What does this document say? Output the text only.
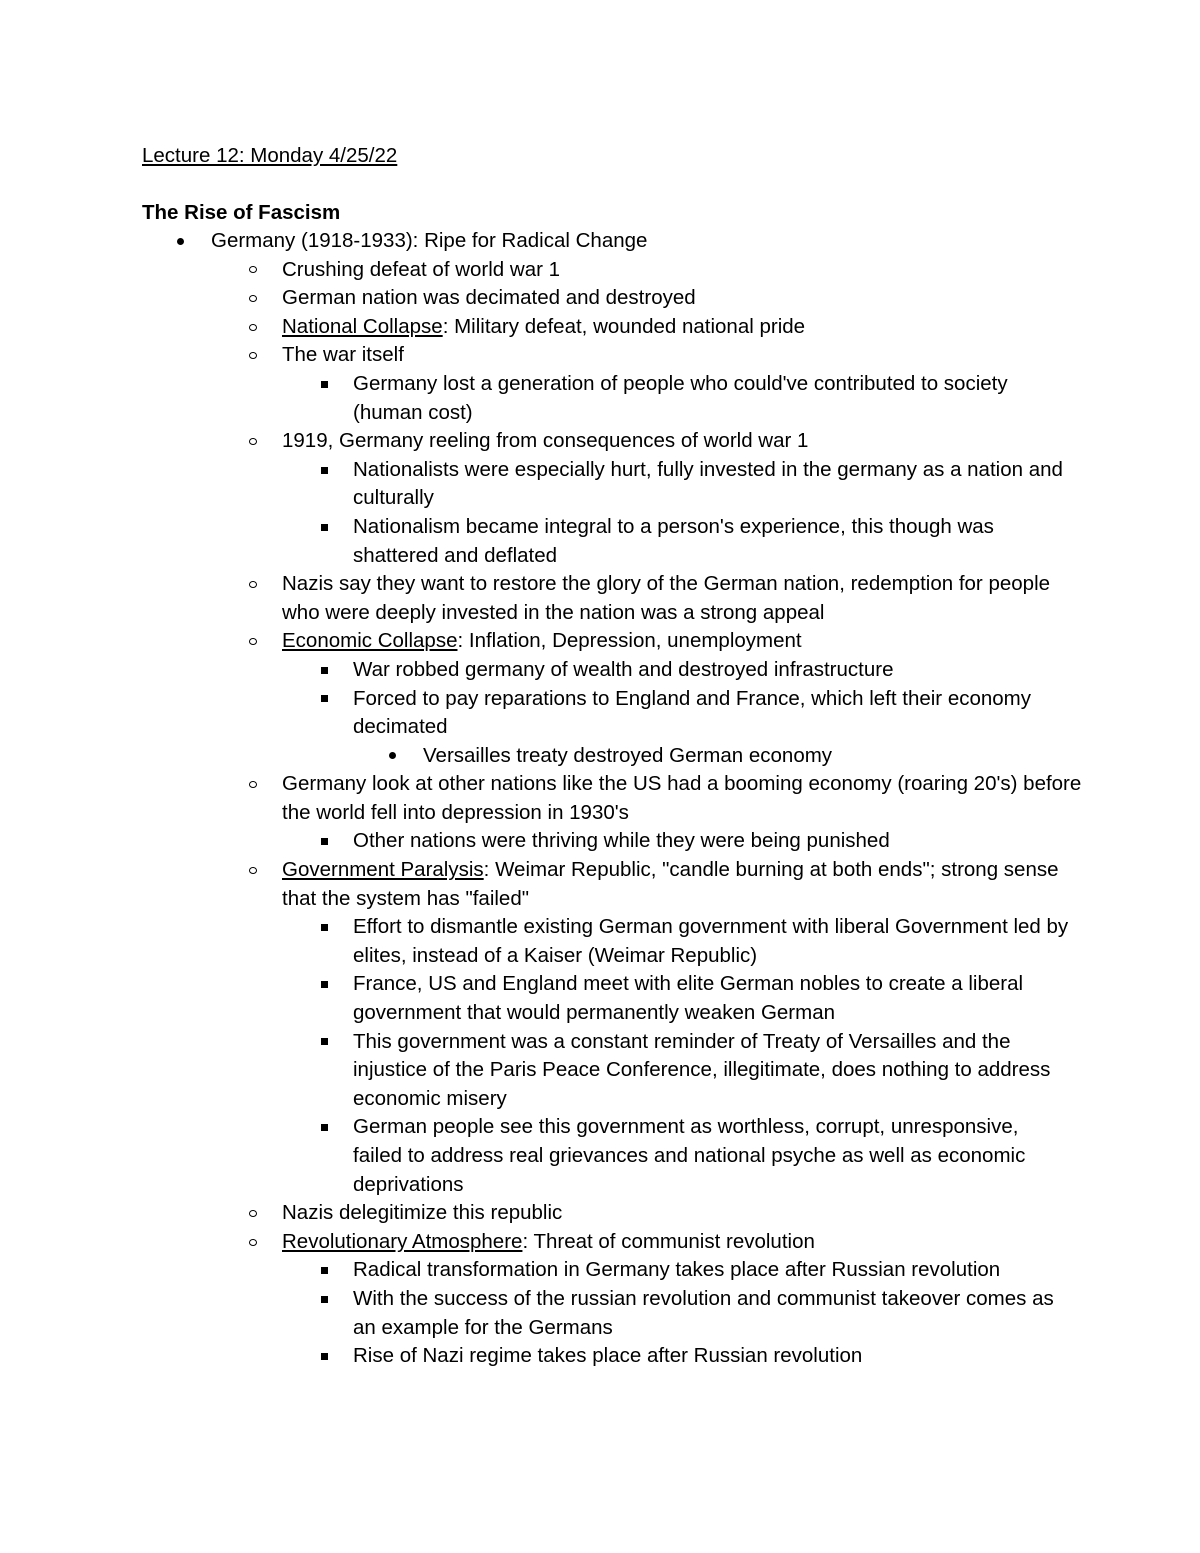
Lecture 12: Monday 4/25/22
The Rise of Fascism
Germany (1918-1933): Ripe for Radical Change
Crushing defeat of world war 1
German nation was decimated and destroyed
National Collapse: Military defeat, wounded national pride
The war itself
Germany lost a generation of people who could've contributed to society (human cost)
1919, Germany reeling from consequences of world war 1
Nationalists were especially hurt, fully invested in the germany as a nation and culturally
Nationalism became integral to a person's experience, this though was shattered and deflated
Nazis say they want to restore the glory of the German nation, redemption for people who were deeply invested in the nation was a strong appeal
Economic Collapse: Inflation, Depression, unemployment
War robbed germany of wealth and destroyed infrastructure
Forced to pay reparations to England and France, which left their economy decimated
Versailles treaty destroyed German economy
Germany look at other nations like the US had a booming economy (roaring 20's) before the world fell into depression in 1930's
Other nations were thriving while they were being punished
Government Paralysis: Weimar Republic, "candle burning at both ends"; strong sense that the system has "failed"
Effort to dismantle existing German government with liberal Government led by elites, instead of a Kaiser (Weimar Republic)
France, US and England meet with elite German nobles to create a liberal government that would permanently weaken German
This government was a constant reminder of Treaty of Versailles and the injustice of the Paris Peace Conference, illegitimate, does nothing to address economic misery
German people see this government as worthless, corrupt, unresponsive, failed to address real grievances and national psyche as well as economic deprivations
Nazis delegitimize this republic
Revolutionary Atmosphere: Threat of communist revolution
Radical transformation in Germany takes place after Russian revolution
With the success of the russian revolution and communist takeover comes as an example for the Germans
Rise of Nazi regime takes place after Russian revolution
